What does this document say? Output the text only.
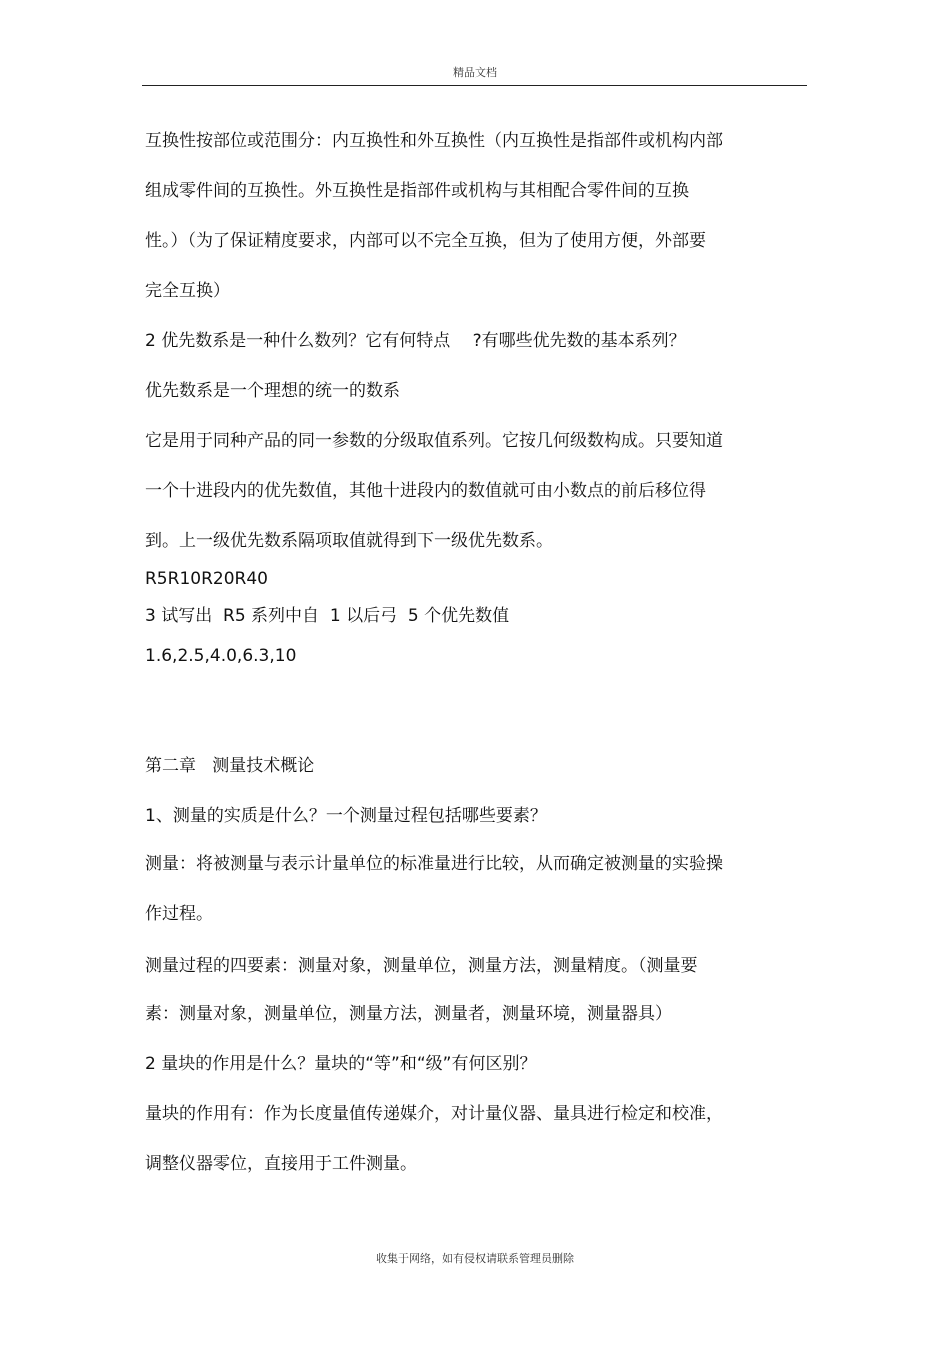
精品文档
互换性按部位或范围分：内互换性和外互换性（内互换性是指部件或机构内部
组成零件间的互换性。外互换性是指部件或机构与其相配合零件间的互换
性。）（为了保证精度要求，内部可以不完全互换，但为了使用方便，外部要
完全互换）
2 优先数系是一种什么数列？它有何特点　 ?有哪些优先数的基本系列？
优先数系是一个理想的统一的数系
它是用于同种产品的同一参数的分级取值系列。它按几何级数构成。只要知道
一个十进段内的优先数值，其他十进段内的数值就可由小数点的前后移位得
到。上一级优先数系隔项取值就得到下一级优先数系。
R5R10R20R40
3 试写出  R5 系列中自  1 以后弓  5 个优先数值
1.6,2.5,4.0,6.3,10
第二章   测量技术概论
1、测量的实质是什么？一个测量过程包括哪些要素？
测量：将被测量与表示计量单位的标准量进行比较，从而确定被测量的实验操
作过程。
测量过程的四要素：测量对象，测量单位，测量方法，测量精度。（测量要
素：测量对象，测量单位，测量方法，测量者，测量环境，测量器具）
2 量块的作用是什么？量块的“等”和“级”有何区别？
量块的作用有：作为长度量值传递媒介，对计量仪器、量具进行检定和校准，
调整仪器零位，直接用于工件测量。
收集于网络，如有侵权请联系管理员删除
